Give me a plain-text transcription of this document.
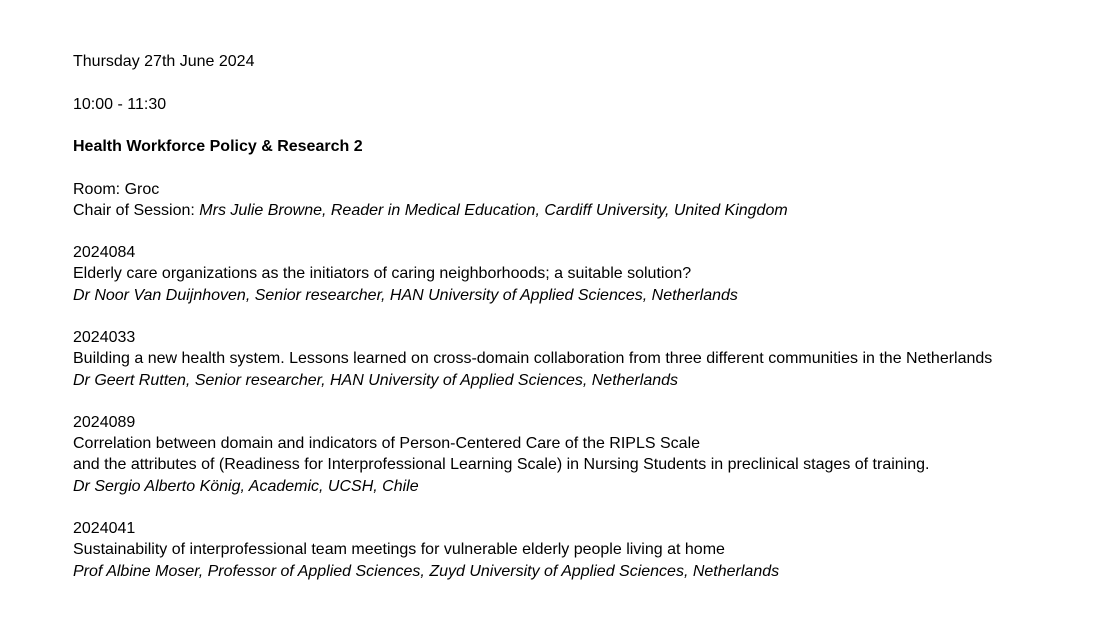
Thursday 27th June 2024
10:00 - 11:30
Health Workforce Policy & Research 2
Room: Groc
Chair of Session: Mrs Julie Browne, Reader in Medical Education, Cardiff University, United Kingdom
2024084
Elderly care organizations as the initiators of caring neighborhoods; a suitable solution?
Dr Noor Van Duijnhoven, Senior researcher, HAN University of Applied Sciences, Netherlands
2024033
Building a new health system. Lessons learned on cross-domain collaboration from three different communities in the Netherlands
Dr Geert Rutten, Senior researcher, HAN University of Applied Sciences, Netherlands
2024089
Correlation between domain and indicators of Person-Centered Care of the RIPLS Scale
and the attributes of (Readiness for Interprofessional Learning Scale) in Nursing Students in preclinical stages of training.
Dr Sergio Alberto König, Academic, UCSH, Chile
2024041
Sustainability of interprofessional team meetings for vulnerable elderly people living at home
Prof Albine Moser, Professor of Applied Sciences, Zuyd University of Applied Sciences, Netherlands
